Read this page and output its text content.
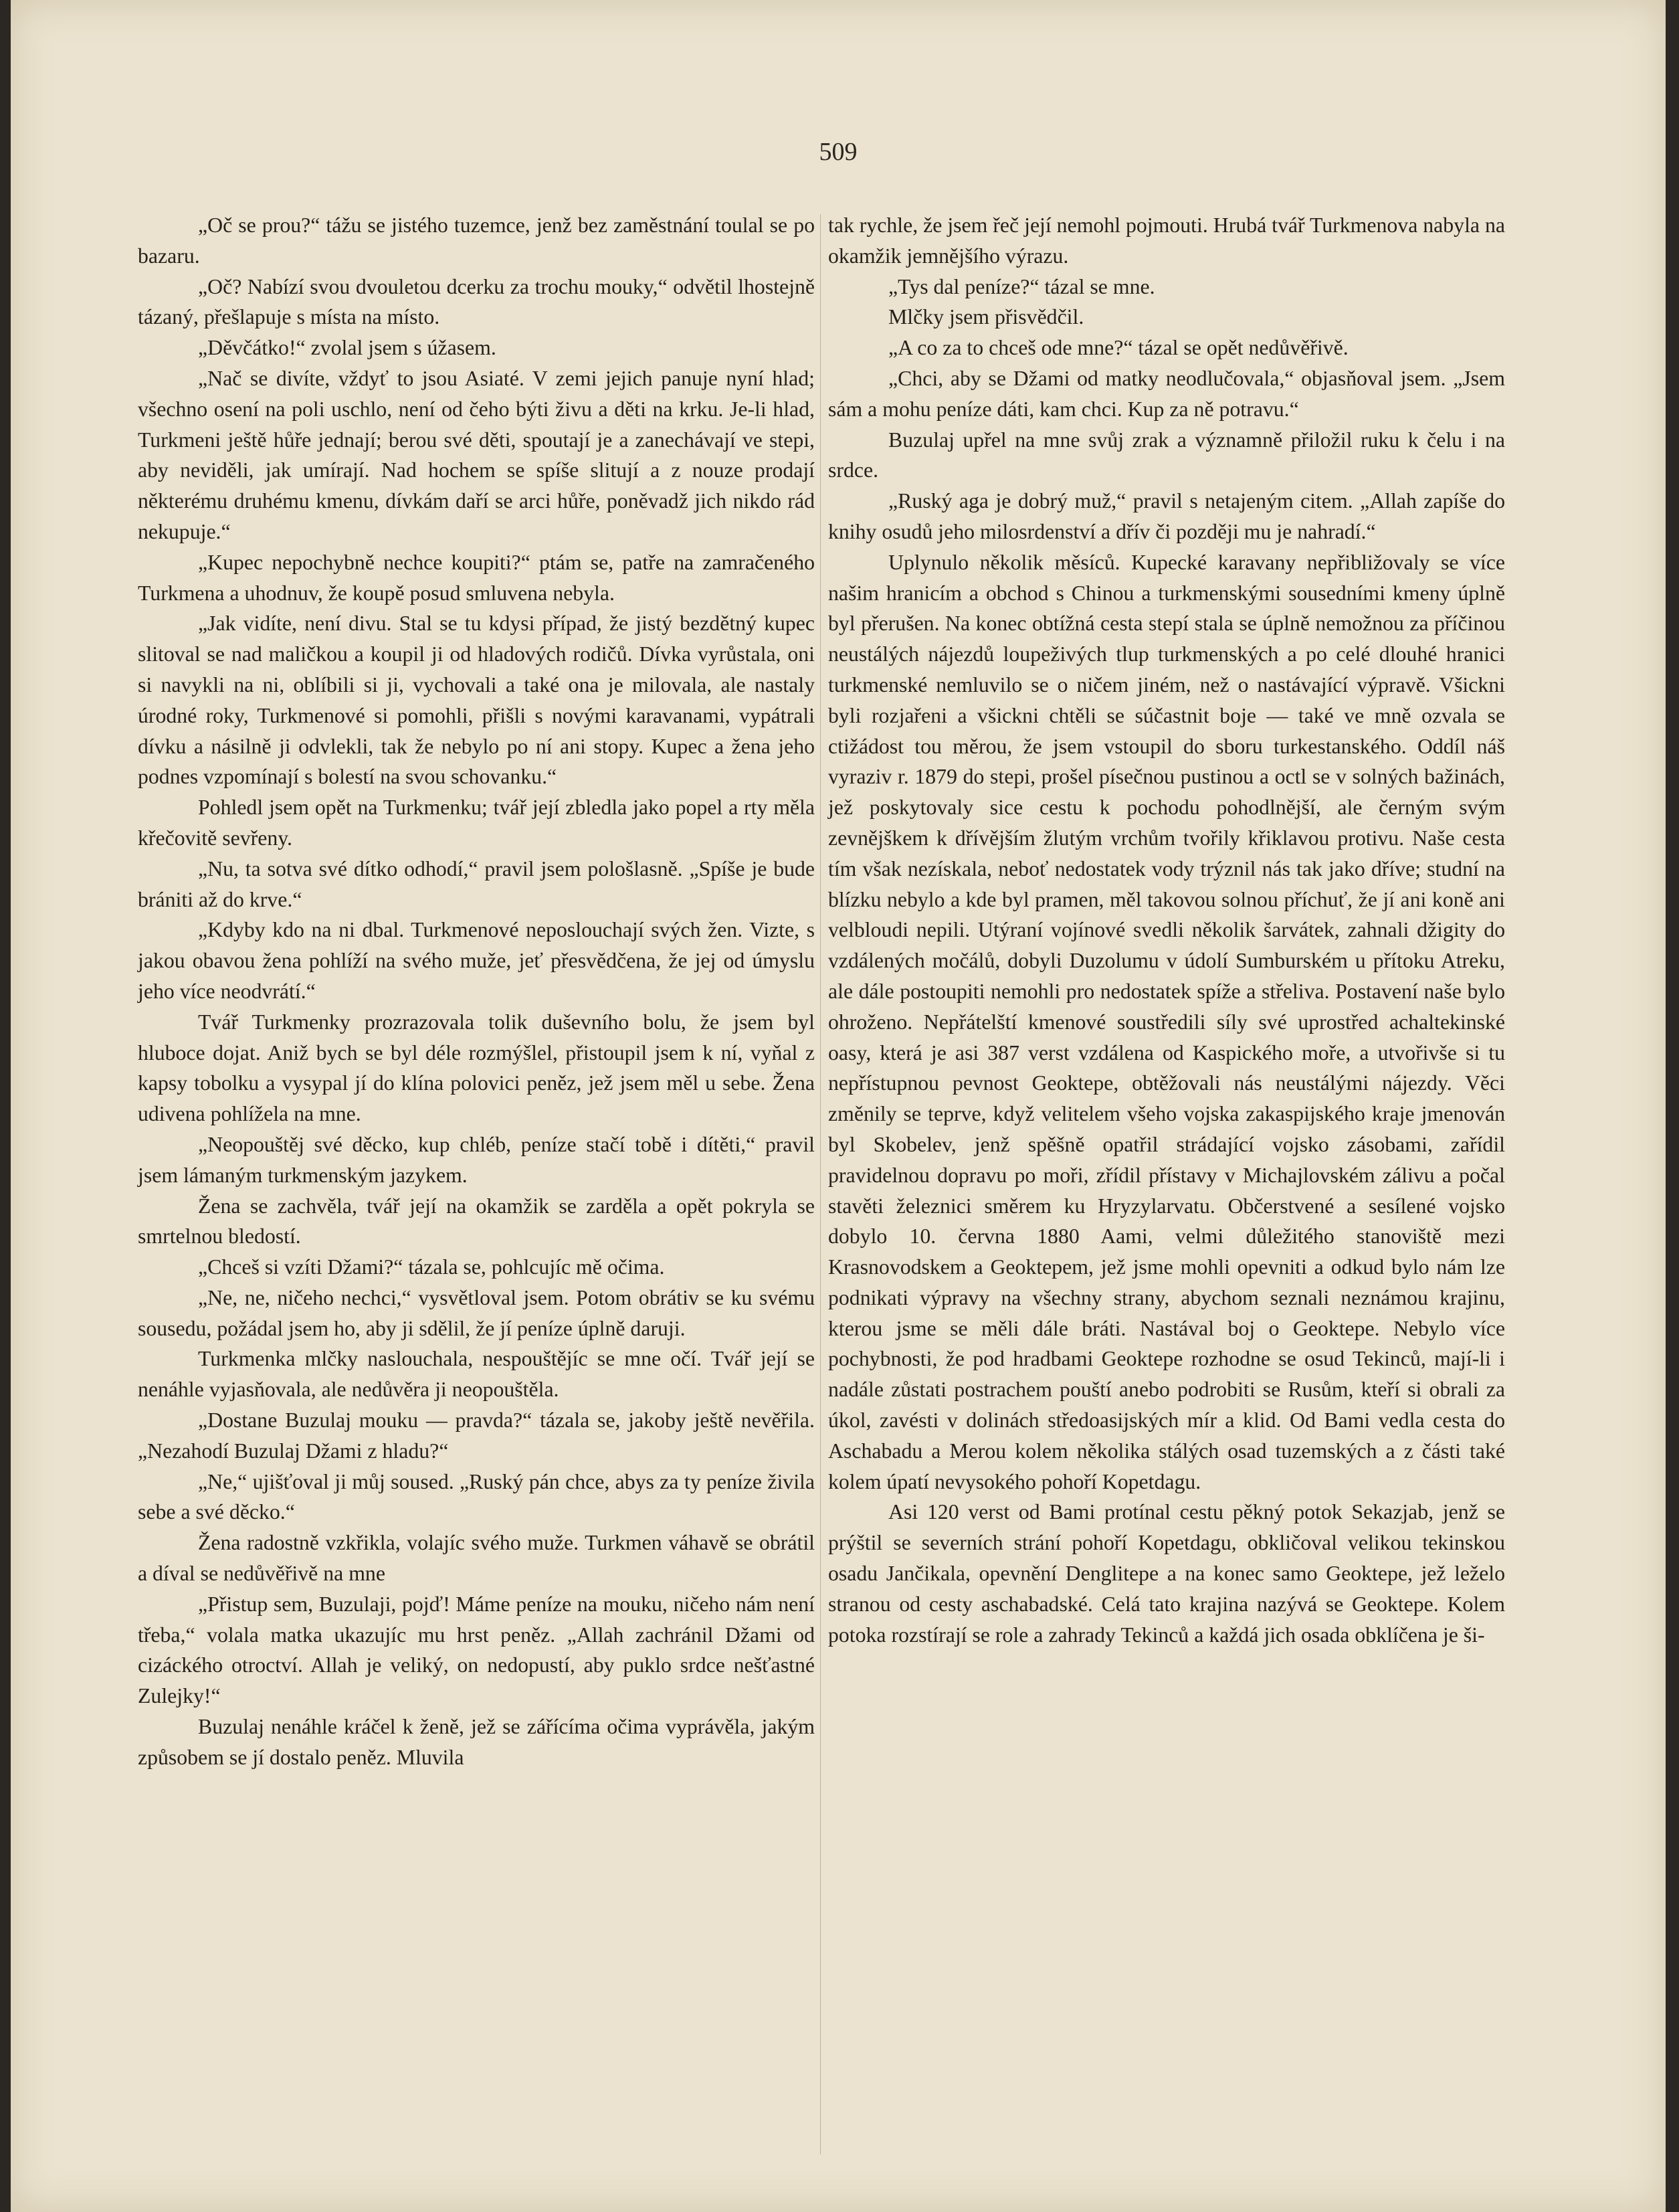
509

„Oč se prou?“ tážu se jistého tuzemce, jenž bez zaměstnání toulal se po bazaru.

„Oč? Nabízí svou dvouletou dcerku za trochu mouky,“ odvětil lhostejně tázaný, přešlapuje s místa na místo.

„Děvčátko!“ zvolal jsem s úžasem.

„Nač se divíte, vždyť to jsou Asiaté. V zemi jejich panuje nyní hlad; všechno osení na poli uschlo, není od čeho býti živu a děti na krku. Je-li hlad, Turkmeni ještě hůře jednají; berou své děti, spoutají je a zanechávají ve stepi, aby neviděli, jak umírají. Nad hochem se spíše slitují a z nouze prodají některému druhému kmenu, dívkám daří se arci hůře, poněvadž jich nikdo rád nekupuje.“

„Kupec nepochybně nechce koupiti?“ ptám se, patře na zamračeného Turkmena a uhodnuv, že koupě posud smluvena nebyla.

„Jak vidíte, není divu. Stal se tu kdysi případ, že jistý bezdětný kupec slitoval se nad maličkou a koupil ji od hladových rodičů. Dívka vyrůstala, oni si navykli na ni, oblíbili si ji, vychovali a také ona je milovala, ale nastaly úrodné roky, Turkmenové si pomohli, přišli s novými karavanami, vypátrali dívku a násilně ji odvlekli, tak že nebylo po ní ani stopy. Kupec a žena jeho podnes vzpomínají s bolestí na svou schovanku.“

Pohledl jsem opět na Turkmenku; tvář její zbledla jako popel a rty měla křečovitě sevřeny.

„Nu, ta sotva své dítko odhodí,“ pravil jsem pološlasně. „Spíše je bude brániti až do krve.“

„Kdyby kdo na ni dbal. Turkmenové neposlouchají svých žen. Vizte, s jakou obavou žena pohlíží na svého muže, jeť přesvědčena, že jej od úmyslu jeho více neodvrátí.“

Tvář Turkmenky prozrazovala tolik duševního bolu, že jsem byl hluboce dojat. Aniž bych se byl déle rozmýšlel, přistoupil jsem k ní, vyňal z kapsy tobolku a vysypal jí do klína polovici peněz, jež jsem měl u sebe. Žena udivena pohlížela na mne.

„Neopouštěj své děcko, kup chléb, peníze stačí tobě i dítěti,“ pravil jsem lámaným turkmenským jazykem.

Žena se zachvěla, tvář její na okamžik se zarděla a opět pokryla se smrtelnou bledostí.

„Chceš si vzíti Džami?“ tázala se, pohlcujíc mě očima.

„Ne, ne, ničeho nechci,“ vysvětloval jsem. Potom obrátiv se ku svému sousedu, požádal jsem ho, aby ji sdělil, že jí peníze úplně daruji.

Turkmenka mlčky naslouchala, nespouštějíc se mne očí. Tvář její se nenáhle vyjasňovala, ale nedůvěra ji neopouštěla.

„Dostane Buzulaj mouku — pravda?“ tázala se, jakoby ještě nevěřila. „Nezahodí Buzulaj Džami z hladu?“

„Ne,“ ujišťoval ji můj soused. „Ruský pán chce, abys za ty peníze živila sebe a své děcko.“

Žena radostně vzkřikla, volajíc svého muže. Turkmen váhavě se obrátil a díval se nedůvěřivě na mne

„Přistup sem, Buzulaji, pojď! Máme peníze na mouku, ničeho nám není třeba,“ volala matka ukazujíc mu hrst peněz. „Allah zachránil Džami od cizáckého otroctví. Allah je veliký, on nedopustí, aby puklo srdce nešťastné Zulejky!“

Buzulaj nenáhle kráčel k ženě, jež se zářícíma očima vyprávěla, jakým způsobem se jí dostalo peněz. Mluvila

tak rychle, že jsem řeč její nemohl pojmouti. Hrubá tvář Turkmenova nabyla na okamžik jemnějšího výrazu.

„Tys dal peníze?“ tázal se mne.

Mlčky jsem přisvědčil.

„A co za to chceš ode mne?“ tázal se opět nedůvěřivě.

„Chci, aby se Džami od matky neodlučovala,“ objasňoval jsem. „Jsem sám a mohu peníze dáti, kam chci. Kup za ně potravu.“

Buzulaj upřel na mne svůj zrak a významně přiložil ruku k čelu i na srdce.

„Ruský aga je dobrý muž,“ pravil s netajeným citem. „Allah zapíše do knihy osudů jeho milosrdenství a dřív či později mu je nahradí.“

Uplynulo několik měsíců. Kupecké karavany nepřibližovaly se více našim hranicím a obchod s Chinou a turkmenskými sousedními kmeny úplně byl přerušen. Na konec obtížná cesta stepí stala se úplně nemožnou za příčinou neustálých nájezdů loupeživých tlup turkmenských a po celé dlouhé hranici turkmenské nemluvilo se o ničem jiném, než o nastávající výpravě. Všickni byli rozjařeni a všickni chtěli se súčastnit boje — také ve mně ozvala se ctižádost tou měrou, že jsem vstoupil do sboru turkestanského. Oddíl náš vyraziv r. 1879 do stepi, prošel písečnou pustinou a octl se v solných bažinách, jež poskytovaly sice cestu k pochodu pohodlnější, ale černým svým zevnějškem k dřívějším žlutým vrchům tvořily křiklavou protivu. Naše cesta tím však nezískala, neboť nedostatek vody trýznil nás tak jako dříve; studní na blízku nebylo a kde byl pramen, měl takovou solnou příchuť, že jí ani koně ani velbloudi nepili. Utýraní vojínové svedli několik šarvátek, zahnali džigity do vzdálených močálů, dobyli Duzolumu v údolí Sumburském u přítoku Atreku, ale dále postoupiti nemohli pro nedostatek spíže a střeliva. Postavení naše bylo ohroženo. Nepřátelští kmenové soustředili síly své uprostřed achaltekinské oasy, která je asi 387 verst vzdálena od Kaspického moře, a utvořivše si tu nepřístupnou pevnost Geoktepe, obtěžovali nás neustálými nájezdy. Věci změnily se teprve, když velitelem všeho vojska zakaspijského kraje jmenován byl Skobelev, jenž spěšně opatřil strádající vojsko zásobami, zařídil pravidelnou dopravu po moři, zřídil přístavy v Michajlovském zálivu a počal stavěti železnici směrem ku Hryzylarvatu. Občerstvené a sesílené vojsko dobylo 10. června 1880 Aami, velmi důležitého stanoviště mezi Krasnovodskem a Geoktepem, jež jsme mohli opevniti a odkud bylo nám lze podnikati výpravy na všechny strany, abychom seznali neznámou krajinu, kterou jsme se měli dále bráti. Nastával boj o Geoktepe. Nebylo více pochybnosti, že pod hradbami Geoktepe rozhodne se osud Tekinců, mají-li i nadále zůstati postrachem pouští anebo podrobiti se Rusům, kteří si obrali za úkol, zavésti v dolinách středoasijských mír a klid. Od Bami vedla cesta do Aschabadu a Merou kolem několika stálých osad tuzemských a z části také kolem úpatí nevysokého pohoří Kopetdagu.

Asi 120 verst od Bami protínal cestu pěkný potok Sekazjab, jenž se prýštil se severních strání pohoří Kopetdagu, obkličoval velikou tekinskou osadu Jančikala, opevnění Denglitepe a na konec samo Geoktepe, jež leželo stranou od cesty aschabadské. Celá tato krajina nazývá se Geoktepe. Kolem potoka rozstírají se role a zahrady Tekinců a každá jich osada obklíčena je ši-
